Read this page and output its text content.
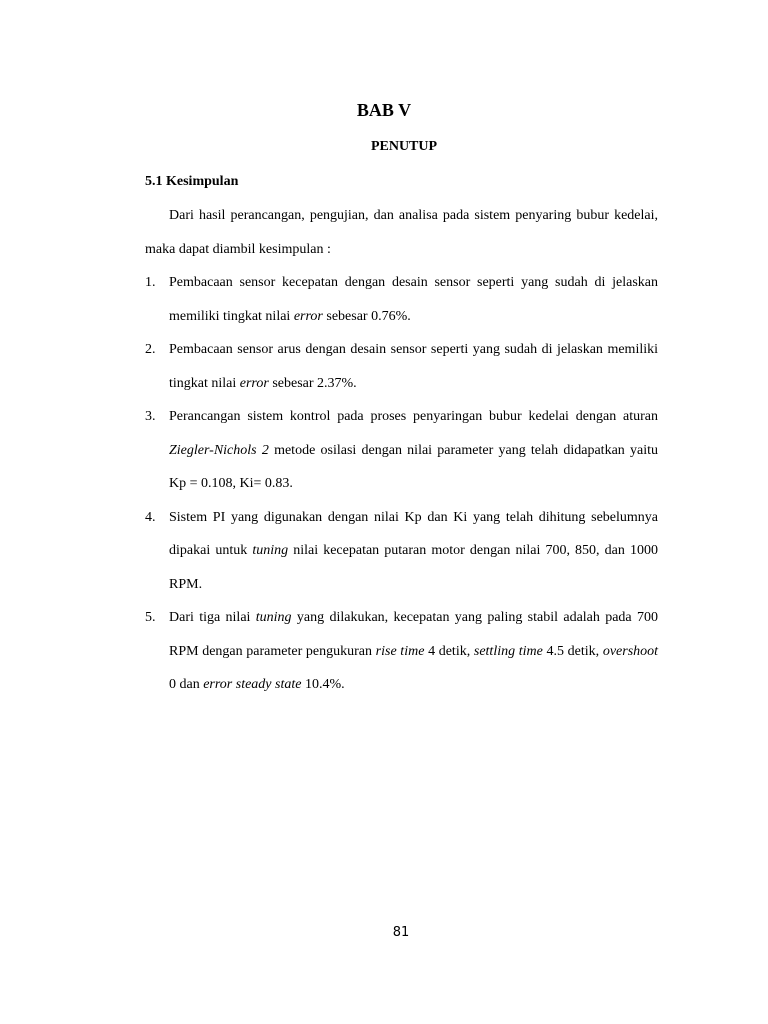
BAB V
PENUTUP
5.1 Kesimpulan
Dari hasil perancangan, pengujian, dan analisa pada sistem penyaring bubur kedelai, maka dapat diambil kesimpulan :
1. Pembacaan sensor kecepatan dengan desain sensor seperti yang sudah di jelaskan memiliki tingkat nilai error sebesar 0.76%.
2. Pembacaan sensor arus dengan desain sensor seperti yang sudah di jelaskan memiliki tingkat nilai error sebesar 2.37%.
3. Perancangan sistem kontrol pada proses penyaringan bubur kedelai dengan aturan Ziegler-Nichols 2 metode osilasi dengan nilai parameter yang telah didapatkan yaitu Kp = 0.108, Ki= 0.83.
4. Sistem PI yang digunakan dengan nilai Kp dan Ki yang telah dihitung sebelumnya dipakai untuk tuning nilai kecepatan putaran motor dengan nilai 700, 850, dan 1000 RPM.
5. Dari tiga nilai tuning yang dilakukan, kecepatan yang paling stabil adalah pada 700 RPM dengan parameter pengukuran rise time 4 detik, settling time 4.5 detik, overshoot 0 dan error steady state 10.4%.
81
